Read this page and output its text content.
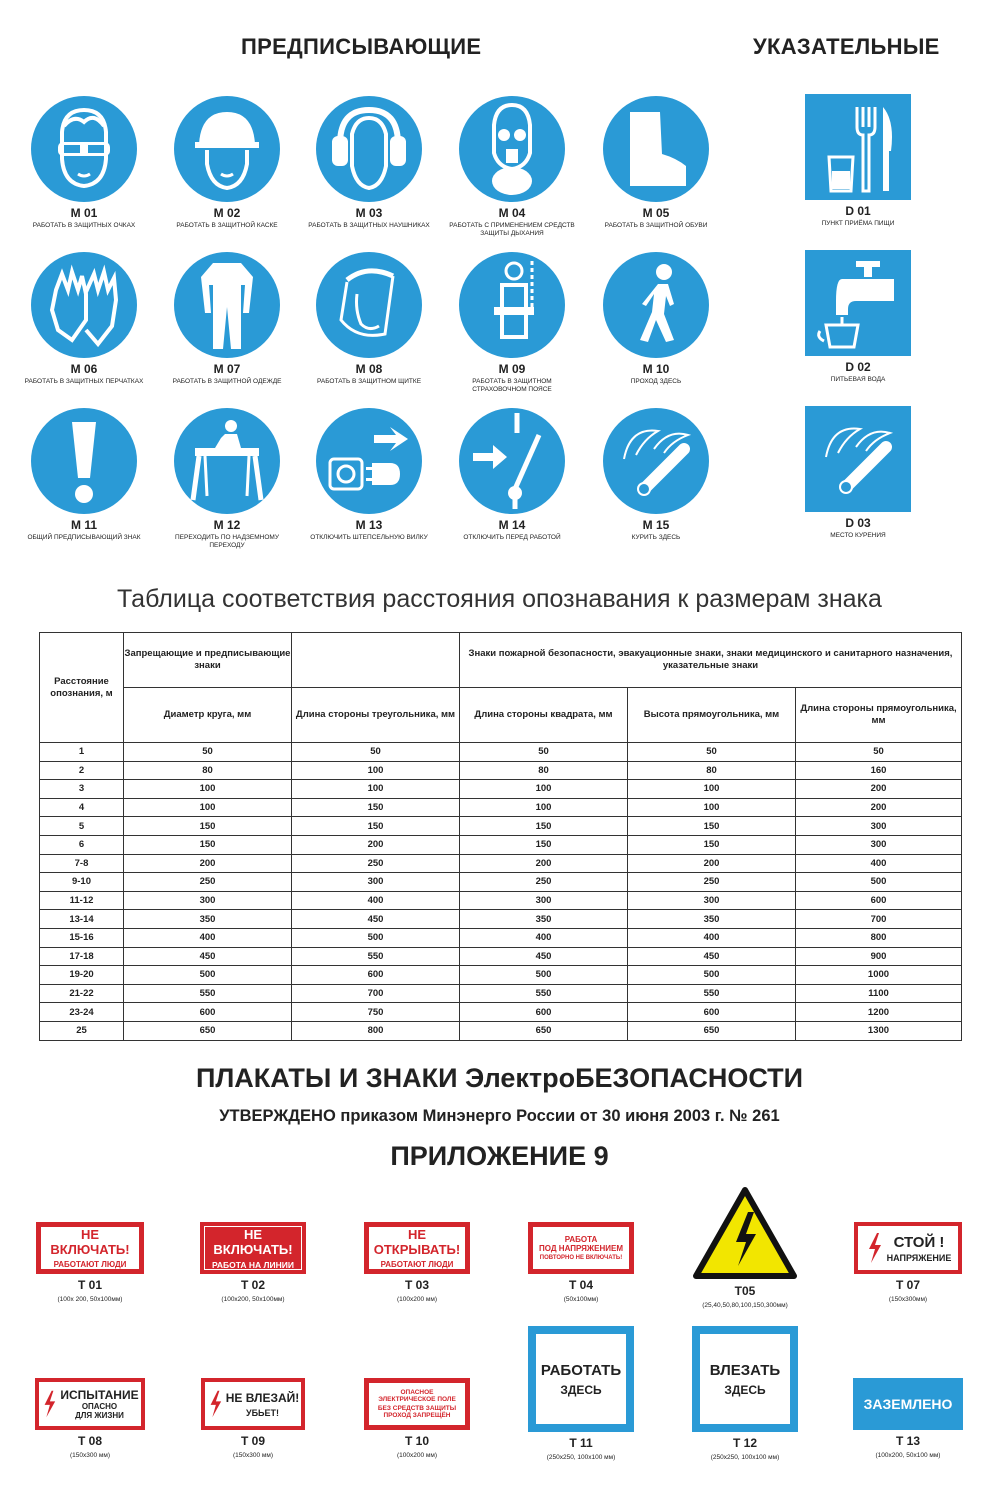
ПРЕДПИСЫВАЮЩИЕ	УКАЗАТЕЛЬНЫЕ
M 01
РАБОТАТЬ В ЗАЩИТНЫХ ОЧКАХ
M 02
РАБОТАТЬ В ЗАЩИТНОЙ КАСКЕ
M 03
РАБОТАТЬ В ЗАЩИТНЫХ НАУШНИКАХ
M 04
РАБОТАТЬ С ПРИМЕНЕНИЕМ СРЕДСТВ ЗАЩИТЫ ДЫХАНИЯ
M 05
РАБОТАТЬ В ЗАЩИТНОЙ ОБУВИ
M 06
РАБОТАТЬ В ЗАЩИТНЫХ ПЕРЧАТКАХ
M 07
РАБОТАТЬ В ЗАЩИТНОЙ ОДЕЖДЕ
M 08
РАБОТАТЬ В ЗАЩИТНОМ ЩИТКЕ
M 09
РАБОТАТЬ В ЗАЩИТНОМ СТРАХОВОЧНОМ ПОЯСЕ
M 10
ПРОХОД ЗДЕСЬ
M 11
ОБЩИЙ ПРЕДПИСЫВАЮЩИЙ ЗНАК
M 12
ПЕРЕХОДИТЬ ПО НАДЗЕМНОМУ ПЕРЕХОДУ
M 13
ОТКЛЮЧИТЬ ШТЕПСЕЛЬНУЮ ВИЛКУ
M 14
ОТКЛЮЧИТЬ ПЕРЕД РАБОТОЙ
M 15
КУРИТЬ ЗДЕСЬ
D 01
ПУНКТ ПРИЁМА ПИЩИ
D 02
ПИТЬЕВАЯ ВОДА
D 03
МЕСТО КУРЕНИЯ
Таблица соответствия расстояния опознавания к размерам знака
Расстояние опознания, м	Запрещающие и предписывающие знаки		Знаки пожарной безопасности, эвакуационные знаки, знаки медицинского и санитарного назначения, указательные знаки		
	Диаметр круга, мм	Длина стороны треугольника, мм	Длина стороны квадрата, мм	Высота прямоугольника, мм	Длина стороны прямоугольника, мм
1	50	50	50	50	50
2	80	100	80	80	160
3	100	100	100	100	200
4	100	150	100	100	200
5	150	150	150	150	300
6	150	200	150	150	300
7-8	200	250	200	200	400
9-10	250	300	250	250	500
11-12	300	400	300	300	600
13-14	350	450	350	350	700
15-16	400	500	400	400	800
17-18	450	550	450	450	900
19-20	500	600	500	500	1000
21-22	550	700	550	550	1100
23-24	600	750	600	600	1200
25	650	800	650	650	1300
ПЛАКАТЫ И ЗНАКИ ЭлектроБЕЗОПАСНОСТИ
УТВЕРЖДЕНО приказом Минэнерго России от 30 июня 2003 г. № 261
ПРИЛОЖЕНИЕ 9
НЕ ВКЛЮЧАТЬ!
РАБОТАЮТ ЛЮДИ
T 01
(100х 200, 50х100мм)
НЕ ВКЛЮЧАТЬ!
РАБОТА НА ЛИНИИ
T 02
(100х200, 50х100мм)
НЕ ОТКРЫВАТЬ!
РАБОТАЮТ ЛЮДИ
T 03
(100х200 мм)
РАБОТА
ПОД НАПРЯЖЕНИЕМ
ПОВТОРНО НЕ ВКЛЮЧАТЬ!
T 04
(50х100мм)
T05
(25,40,50,80,100,150,300мм)
СТОЙ !
НАПРЯЖЕНИЕ
T 07
(150х300мм)
ИСПЫТАНИЕ
ОПАСНО
ДЛЯ ЖИЗНИ
T 08
(150х300 мм)
НЕ ВЛЕЗАЙ!
УБЬЕТ!
T 09
(150х300 мм)
ОПАСНОЕ
ЭЛЕКТРИЧЕСКОЕ ПОЛЕ
БЕЗ СРЕДСТВ ЗАЩИТЫ
ПРОХОД ЗАПРЕЩЁН
T 10
(100х200 мм)
РАБОТАТЬ
ЗДЕСЬ
T 11
(250х250, 100х100 мм)
ВЛЕЗАТЬ
ЗДЕСЬ
T 12
(250х250, 100х100 мм)
ЗАЗЕМЛЕНО
T 13
(100х200, 50х100 мм)
